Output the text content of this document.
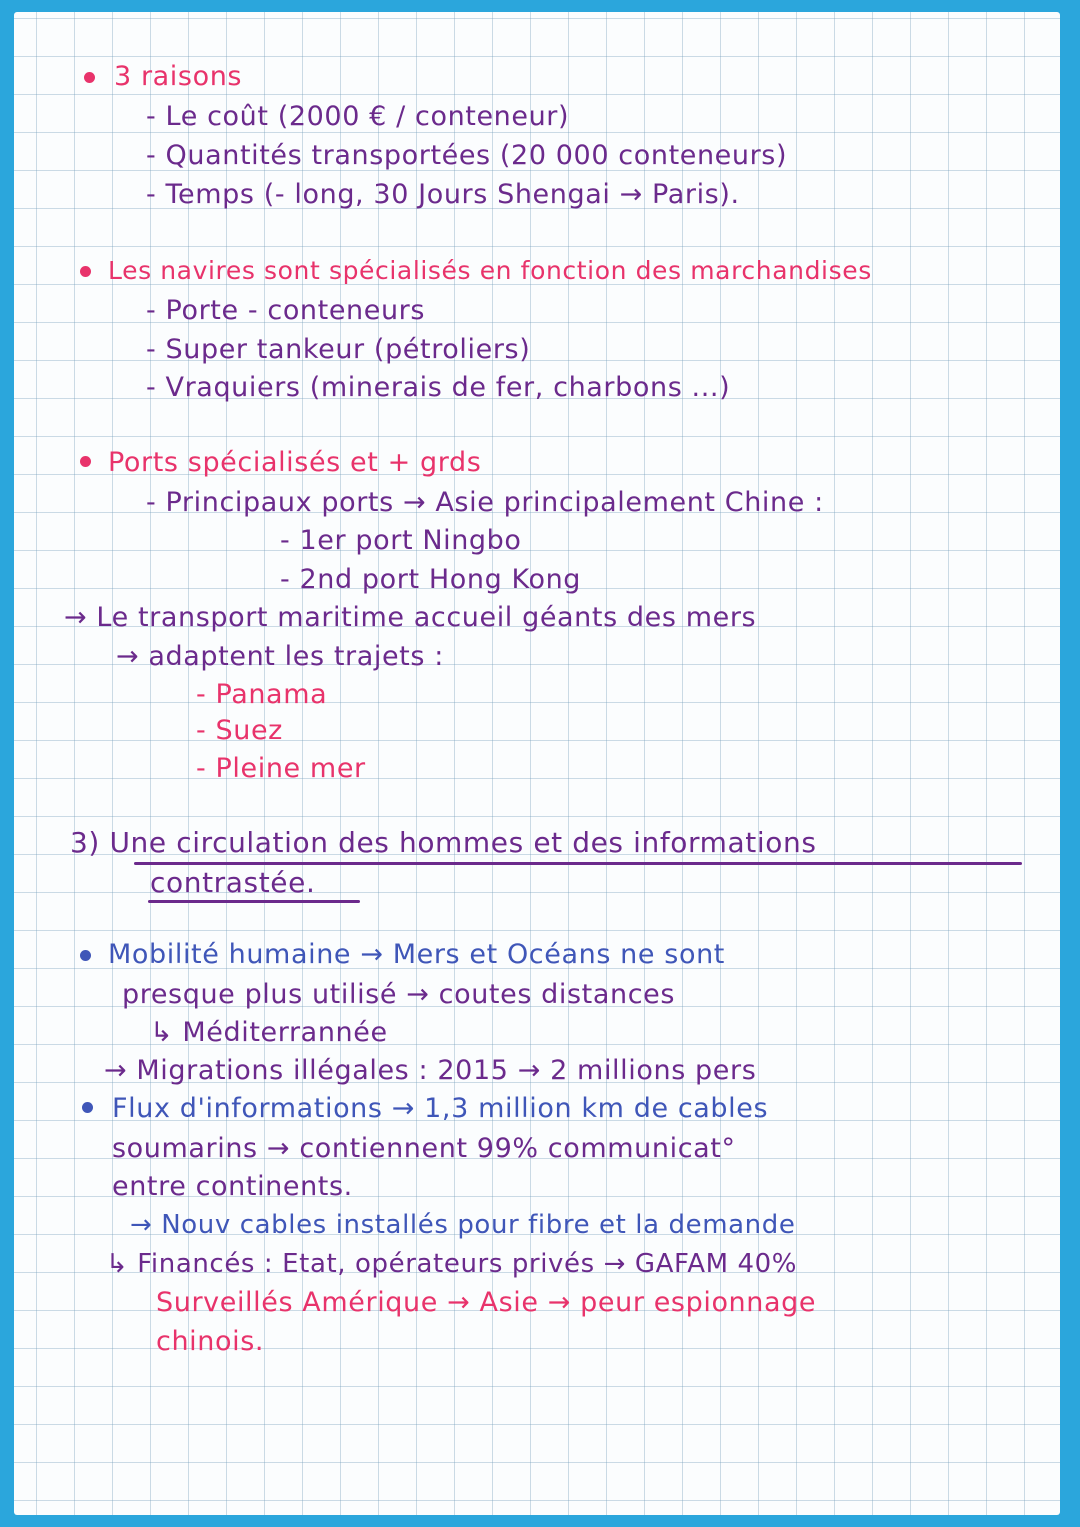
3 raisons
- Le coût (2000 € / conteneur)
- Quantités transportées (20 000 conteneurs)
- Temps (- long, 30 Jours Shengai → Paris).
Les navires sont spécialisés en fonction des marchandises
- Porte - conteneurs
- Super tankeur (pétroliers)
- Vraquiers (minerais de fer, charbons ...)
Ports spécialisés et + grds
- Principaux ports → Asie principalement Chine :
- 1er port Ningbo
- 2nd port Hong Kong
→ Le transport maritime accueil géants des mers
→ adaptent les trajets :
- Panama
- Suez
- Pleine mer
3) Une circulation des hommes et des informations
contrastée.
Mobilité humaine → Mers et Océans ne sont
presque plus utilisé → coutes distances
↳ Méditerrannée
→ Migrations illégales : 2015 → 2 millions pers
Flux d'informations → 1,3 million km de cables
soumarins → contiennent 99% communicat°
entre continents.
→ Nouv cables installés pour fibre et la demande
↳ Financés : Etat, opérateurs privés → GAFAM 40%
Surveillés Amérique → Asie → peur espionnage
chinois.
